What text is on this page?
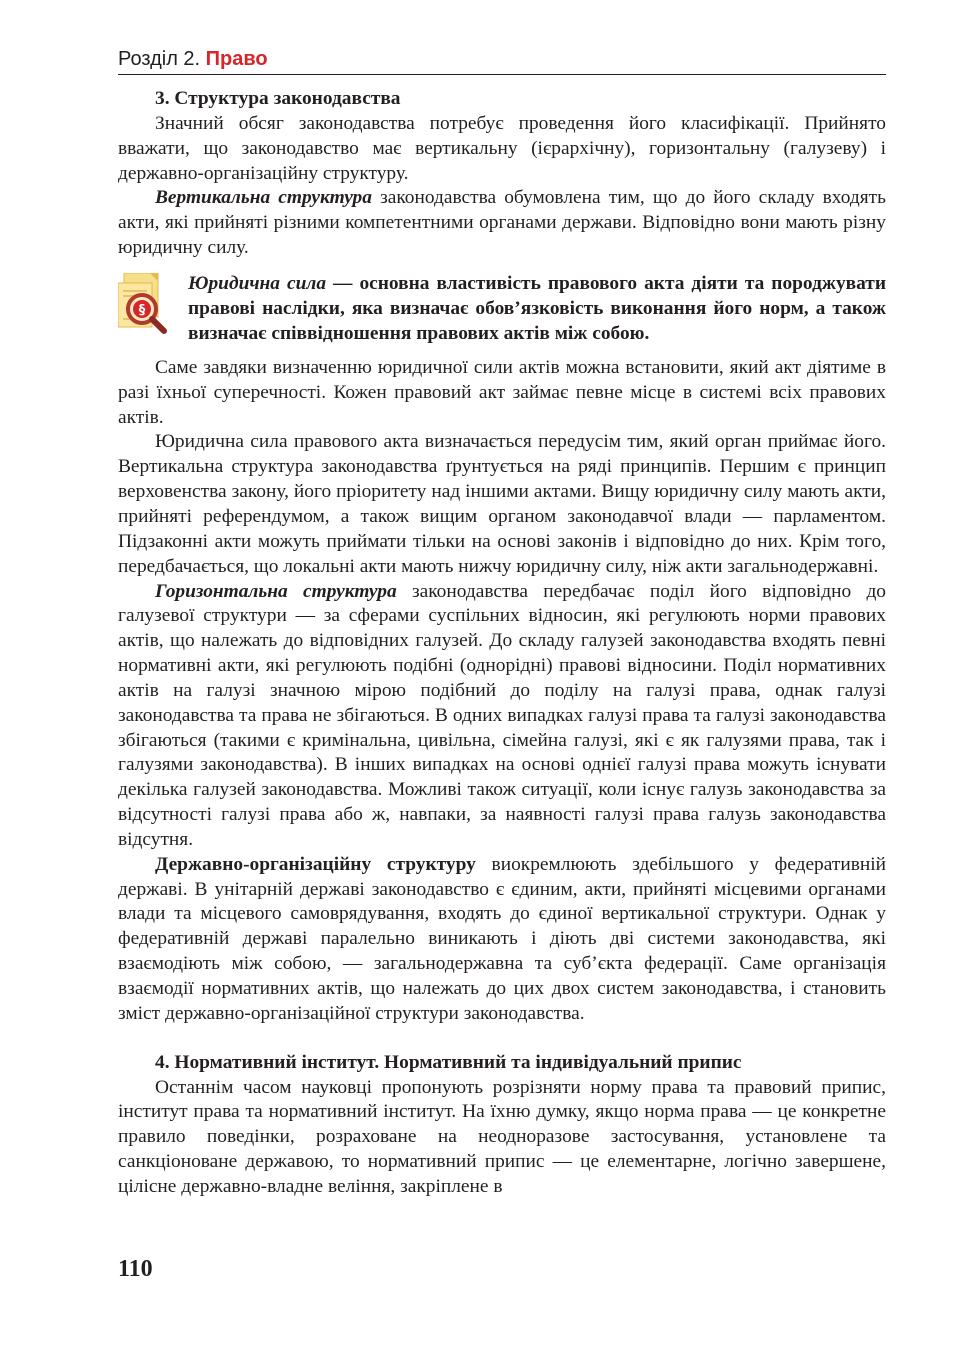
Розділ 2. Право
3. Структура законодавства

Значний обсяг законодавства потребує проведення його класифікації. Прийнято вважати, що законодавство має вертикальну (ієрархічну), горизонтальну (галузеву) і державно-організаційну структуру.

Вертикальна структура законодавства обумовлена тим, що до його складу входять акти, які прийняті різними компетентними органами держави. Відповідно вони мають різну юридичну силу.

§
Юридична сила — основна властивість правового акта діяти та породжувати правові наслідки, яка визначає обов’язковість виконання його норм, а також визначає співвідношення правових актів між собою.

Саме завдяки визначенню юридичної сили актів можна встановити, який акт діятиме в разі їхньої суперечності. Кожен правовий акт займає певне місце в системі всіх правових актів.

Юридична сила правового акта визначається передусім тим, який орган приймає його. Вертикальна структура законодавства ґрунтується на ряді принципів. Першим є принцип верховенства закону, його пріоритету над іншими актами. Вищу юридичну силу мають акти, прийняті референдумом, а також вищим органом законодавчої влади — парламентом. Підзаконні акти можуть приймати тільки на основі законів і відповідно до них. Крім того, передбачається, що локальні акти мають нижчу юридичну силу, ніж акти загальнодержавні.

Горизонтальна структура законодавства передбачає поділ його відповідно до галузевої структури — за сферами суспільних відносин, які регулюють норми правових актів, що належать до відповідних галузей. До складу галузей законодавства входять певні нормативні акти, які регулюють подібні (однорідні) правові відносини. Поділ нормативних актів на галузі значною мірою подібний до поділу на галузі права, однак галузі законодавства та права не збігаються. В одних випадках галузі права та галузі законодавства збігаються (такими є кримінальна, цивільна, сімейна галузі, які є як галузями права, так і галузями законодавства). В інших випадках на основі однієї галузі права можуть існувати декілька галузей законодавства. Можливі також ситуації, коли існує галузь законодавства за відсутності галузі права або ж, навпаки, за наявності галузі права галузь законодавства відсутня.

Державно-організаційну структуру виокремлюють здебільшого у федеративній державі. В унітарній державі законодавство є єдиним, акти, прийняті місцевими органами влади та місцевого самоврядування, входять до єдиної вертикальної структури. Однак у федеративній державі паралельно виникають і діють дві системи законодавства, які взаємодіють між собою, — загальнодержавна та суб’єкта федерації. Саме організація взаємодії нормативних актів, що належать до цих двох систем законодавства, і становить зміст державно-організаційної структури законодавства.

4. Нормативний інститут. Нормативний та індивідуальний припис

Останнім часом науковці пропонують розрізняти норму права та правовий припис, інститут права та нормативний інститут. На їхню думку, якщо норма права — це конкретне правило поведінки, розраховане на неодноразове застосування, установлене та санкціоноване державою, то нормативний припис — це елементарне, логічно завершене, цілісне державно-владне веління, закріплене в

110
